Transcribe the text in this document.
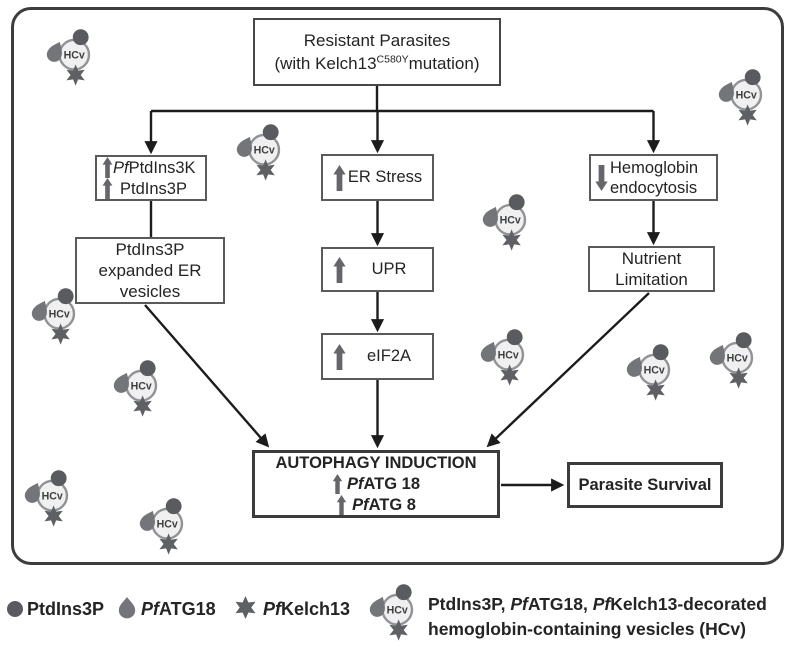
HCv
HCv
HCv
HCv
HCv
HCv
HCv
HCv
HCv
HCv
HCv
Resistant Parasites
(with $Kelch13^{C580Y}mutation$)
Pf PtdIns3K
PtdIns3P
ER Stress
Hemoglobin
endocytosis
PtdIns3P
expanded ER
vesicles
UPR
Nutrient
Limitation
eIF2A
AUTOPHAGY INDUCTION
Pf ATG 18
Pf ATG 8
Parasite Survival
PtdIns3P PfATG18	PfKelch13	HCv PtdIns3P, PfATG18, PfKelch13-decorated
hemoglobin-containing vesicles (HCv)
